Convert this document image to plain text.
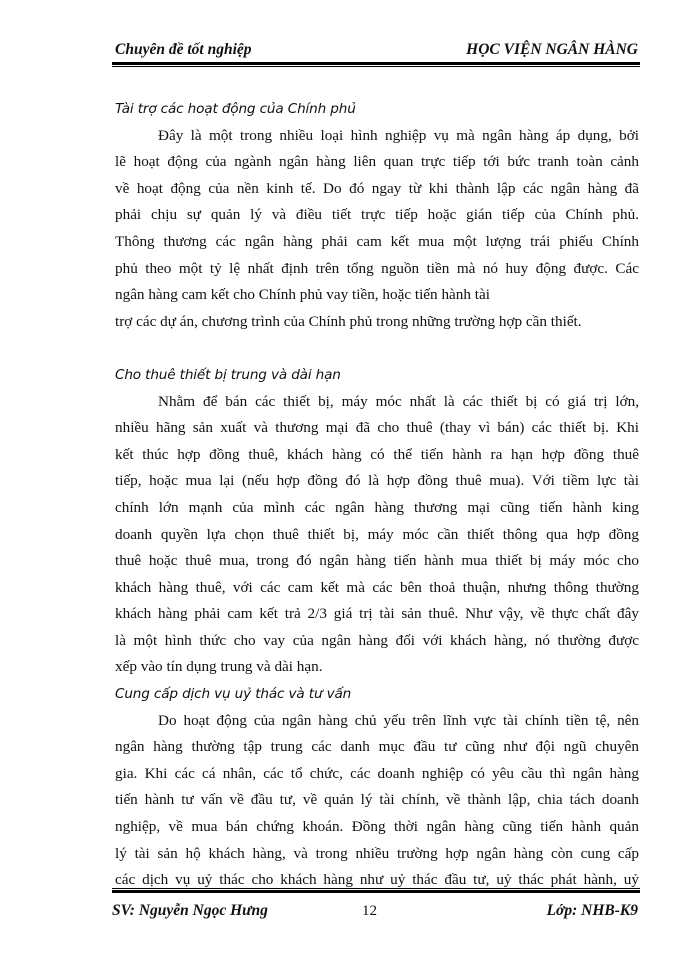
Chuyên đề tốt nghiệp	HỌC VIỆN NGÂN HÀNG

Tài trợ các hoạt động của Chính phủ

Đây là một trong nhiều loại hình nghiệp vụ mà ngân hàng áp dụng, bởi
lẽ hoạt động của ngành ngân hàng liên quan trực tiếp tới bức tranh toàn cảnh
về hoạt động của nền kinh tế. Do đó ngay từ khi thành lập các ngân hàng đã
phải chịu sự quản lý và điều tiết trực tiếp hoặc gián tiếp của Chính phủ.
Thông thương các ngân hàng phải cam kết mua một lượng trái phiếu Chính
phủ theo một tỷ lệ nhất định trên tổng nguồn tiền mà nó huy động được. Các
ngân hàng cam kết cho Chính phủ vay tiền, hoặc tiến hành tài
trợ các dự án, chương trình của Chính phủ trong những trường hợp cần thiết.

Cho thuê thiết bị trung và dài hạn

Nhằm để bán các thiết bị, máy móc nhất là các thiết bị có giá trị lớn,
nhiều hãng sản xuất và thương mại đã cho thuê (thay vì bán) các thiết bị. Khi
kết thúc hợp đồng thuê, khách hàng có thể tiến hành ra hạn hợp đồng thuê
tiếp, hoặc mua lại (nếu hợp đồng đó là hợp đồng thuê mua). Với tiềm lực tài
chính lớn mạnh của mình các ngân hàng thương mại cũng tiến hành king
doanh quyền lựa chọn thuê thiết bị, máy móc cần thiết thông qua hợp đồng
thuê hoặc thuê mua, trong đó ngân hàng tiến hành mua thiết bị máy móc cho
khách hàng thuê, với các cam kết mà các bên thoả thuận, nhưng thông thường
khách hàng phải cam kết trả 2/3 giá trị tài sản thuê. Như vậy, về thực chất đây
là một hình thức cho vay của ngân hàng đối với khách hàng, nó thường được
xếp vào tín dụng trung và dài hạn.

Cung cấp dịch vụ uỷ thác và tư vấn

Do hoạt động của ngân hàng chủ yếu trên lĩnh vực tài chính tiền tệ, nên
ngân hàng thường tập trung các danh mục đầu tư cũng như đội ngũ chuyên
gia. Khi các cá nhân, các tổ chức, các doanh nghiệp có yêu cầu thì ngân hàng
tiến hành tư vấn về đầu tư, về quản lý tài chính, về thành lập, chia tách doanh
nghiệp, về mua bán chứng khoán. Đồng thời ngân hàng cũng tiến hành quản
lý tài sản hộ khách hàng, và trong nhiều trường hợp ngân hàng còn cung cấp
các dịch vụ uỷ thác cho khách hàng như uỷ thác đầu tư, uỷ thác phát hành, uỷ
SV: Nguyễn Ngọc Hưng	12	Lớp: NHB-K9
